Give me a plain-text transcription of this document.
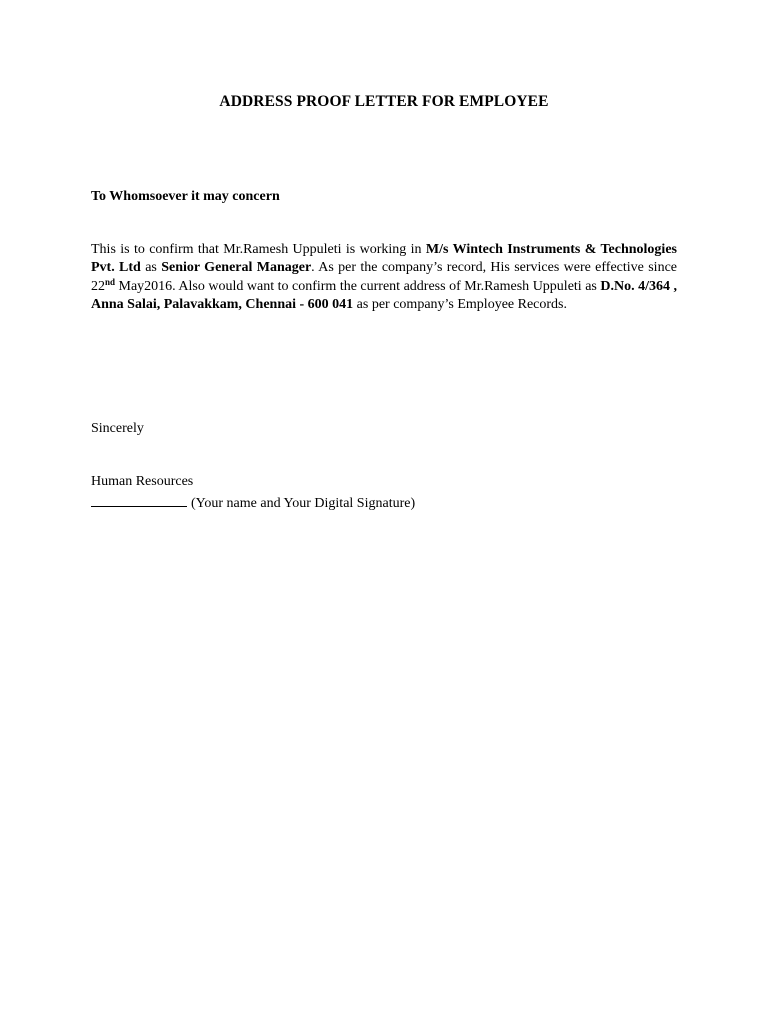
ADDRESS PROOF LETTER FOR EMPLOYEE
To Whomsoever it may concern
This is to confirm that Mr.Ramesh Uppuleti is working in M/s Wintech Instruments & Technologies Pvt. Ltd as Senior General Manager. As per the company’s record, His services were effective since 22nd May2016. Also would want to confirm the current address of Mr.Ramesh Uppuleti as D.No. 4/364 , Anna Salai, Palavakkam, Chennai - 600 041 as per company’s Employee Records.
Sincerely
Human Resources
(Your name and Your Digital Signature)
